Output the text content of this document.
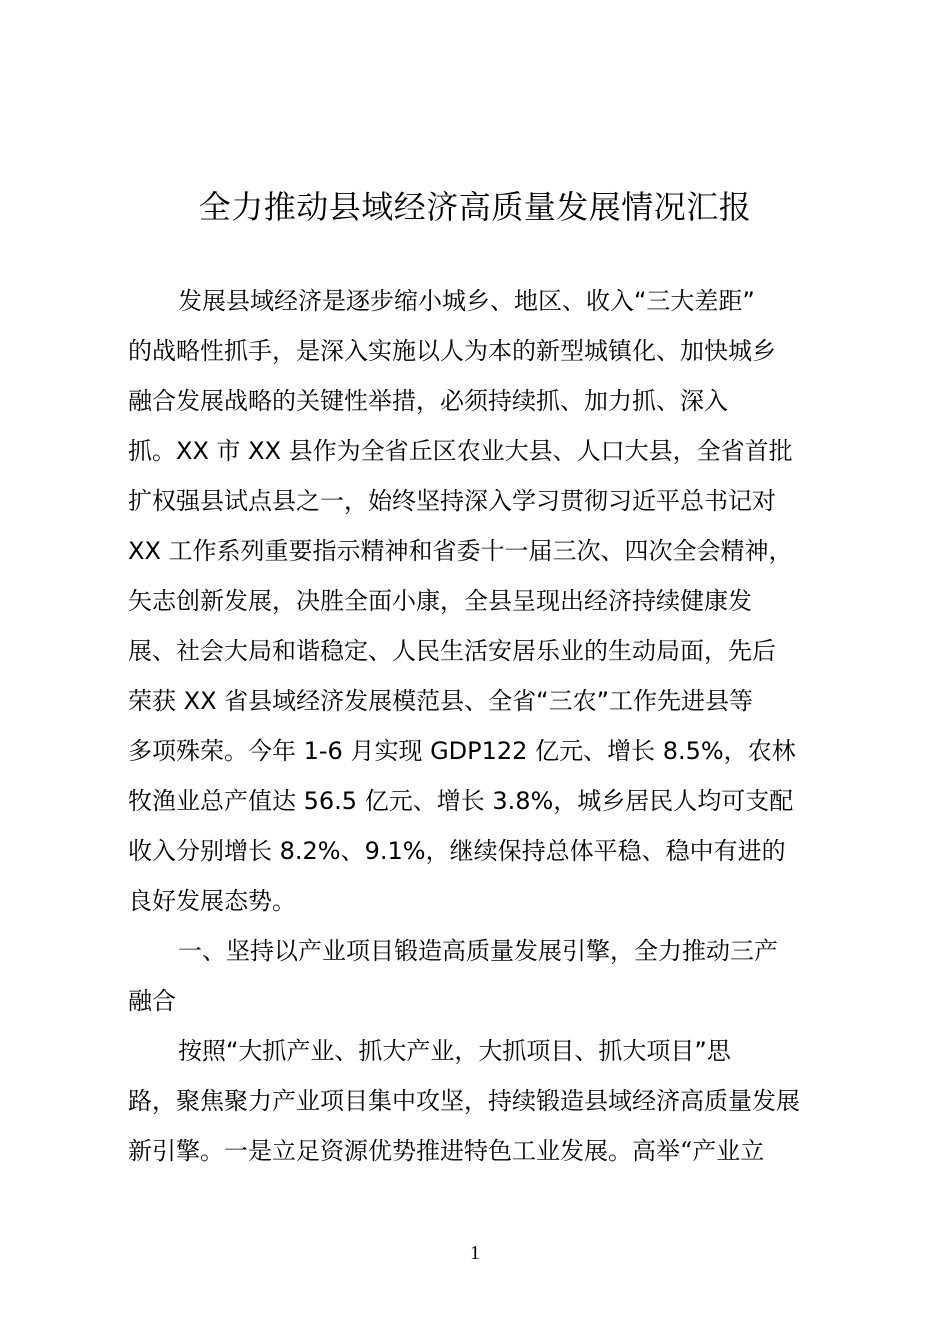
全力推动县域经济高质量发展情况汇报
发展县域经济是逐步缩小城乡、地区、收入“三大差距”
的战略性抓手，是深入实施以人为本的新型城镇化、加快城乡
融合发展战略的关键性举措，必须持续抓、加力抓、深入
抓。XX 市 XX 县作为全省丘区农业大县、人口大县，全省首批
扩权强县试点县之一，始终坚持深入学习贯彻习近平总书记对
XX 工作系列重要指示精神和省委十一届三次、四次全会精神，
矢志创新发展，决胜全面小康，全县呈现出经济持续健康发
展、社会大局和谐稳定、人民生活安居乐业的生动局面，先后
荣获 XX 省县域经济发展模范县、全省“三农”工作先进县等
多项殊荣。今年 1-6 月实现 GDP122 亿元、增长 8.5%，农林
牧渔业总产值达 56.5 亿元、增长 3.8%，城乡居民人均可支配
收入分别增长 8.2%、9.1%，继续保持总体平稳、稳中有进的
良好发展态势。
一、坚持以产业项目锻造高质量发展引擎，全力推动三产
融合
按照“大抓产业、抓大产业，大抓项目、抓大项目”思
路，聚焦聚力产业项目集中攻坚，持续锻造县域经济高质量发展
新引擎。一是立足资源优势推进特色工业发展。高举“产业立
1
